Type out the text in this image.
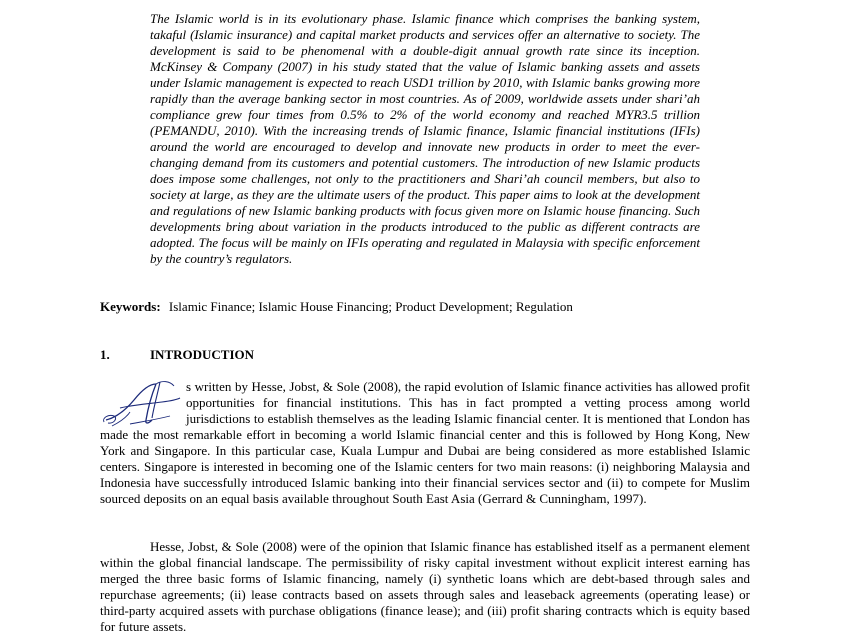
The Islamic world is in its evolutionary phase. Islamic finance which comprises the banking system, takaful (Islamic insurance) and capital market products and services offer an alternative to society. The development is said to be phenomenal with a double-digit annual growth rate since its inception. McKinsey & Company (2007) in his study stated that the value of Islamic banking assets and assets under Islamic management is expected to reach USD1 trillion by 2010, with Islamic banks growing more rapidly than the average banking sector in most countries. As of 2009, worldwide assets under shari’ah compliance grew four times from 0.5% to 2% of the world economy and reached MYR3.5 trillion (PEMANDU, 2010). With the increasing trends of Islamic finance, Islamic financial institutions (IFIs) around the world are encouraged to develop and innovate new products in order to meet the ever-changing demand from its customers and potential customers. The introduction of new Islamic products does impose some challenges, not only to the practitioners and Shari’ah council members, but also to society at large, as they are the ultimate users of the product. This paper aims to look at the development and regulations of new Islamic banking products with focus given more on Islamic house financing. Such developments bring about variation in the products introduced to the public as different contracts are adopted. The focus will be mainly on IFIs operating and regulated in Malaysia with specific enforcement by the country’s regulators.

Keywords: Islamic Finance; Islamic House Financing; Product Development; Regulation

1.	INTRODUCTION
A
s written by Hesse, Jobst, & Sole (2008), the rapid evolution of Islamic finance activities has allowed profit opportunities for financial institutions. This has in fact prompted a vetting process among world jurisdictions to establish themselves as the leading Islamic financial center. It is mentioned that London has made the most remarkable effort in becoming a world Islamic financial center and this is followed by Hong Kong, New York and Singapore. In this particular case, Kuala Lumpur and Dubai are being considered as more established Islamic centers. Singapore is interested in becoming one of the Islamic centers for two main reasons: (i) neighboring Malaysia and Indonesia have successfully introduced Islamic banking into their financial services sector and (ii) to compete for Muslim sourced deposits on an equal basis available throughout South East Asia (Gerrard & Cunningham, 1997).

Hesse, Jobst, & Sole (2008) were of the opinion that Islamic finance has established itself as a permanent element within the global financial landscape. The permissibility of risky capital investment without explicit interest earning has merged the three basic forms of Islamic financing, namely (i) synthetic loans which are debt-based through sales and repurchase agreements; (ii) lease contracts based on assets through sales and leaseback agreements (operating lease) or third-party acquired assets with purchase obligations (finance lease); and (iii) profit sharing contracts which is equity based for future assets.
